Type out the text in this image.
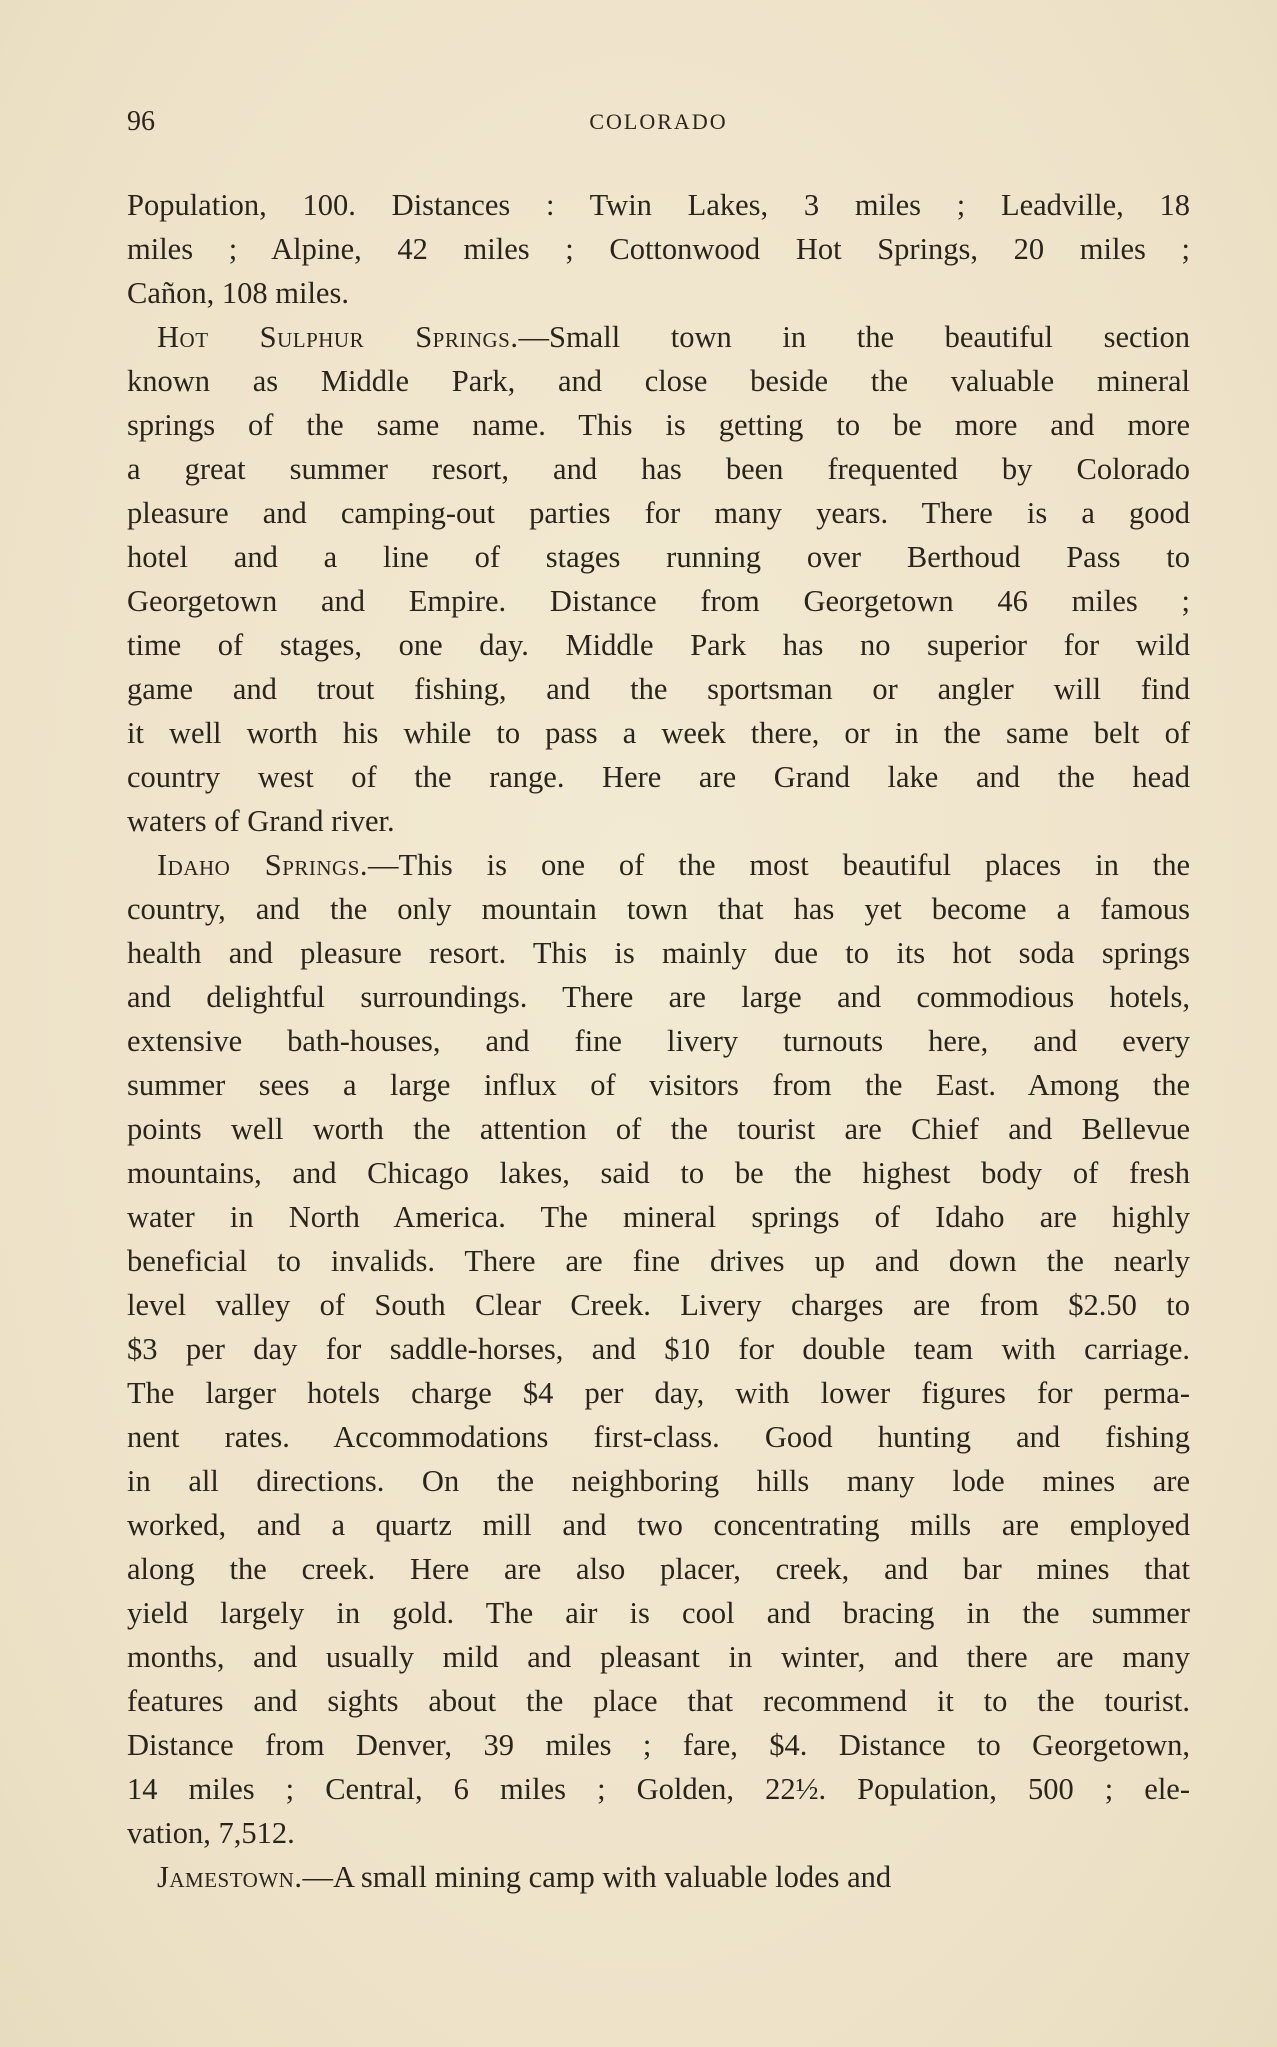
96	COLORADO
Population, 100. Distances : Twin Lakes, 3 miles ; Leadville, 18
miles ; Alpine, 42 miles ; Cottonwood Hot Springs, 20 miles ;
Cañon, 108 miles.
Hot Sulphur Springs.—Small town in the beautiful section
known as Middle Park, and close beside the valuable mineral
springs of the same name. This is getting to be more and more
a great summer resort, and has been frequented by Colorado
pleasure and camping-out parties for many years. There is a good
hotel and a line of stages running over Berthoud Pass to
Georgetown and Empire. Distance from Georgetown 46 miles ;
time of stages, one day. Middle Park has no superior for wild
game and trout fishing, and the sportsman or angler will find
it well worth his while to pass a week there, or in the same belt of
country west of the range. Here are Grand lake and the head
waters of Grand river.
Idaho Springs.—This is one of the most beautiful places in the
country, and the only mountain town that has yet become a famous
health and pleasure resort. This is mainly due to its hot soda springs
and delightful surroundings. There are large and commodious hotels,
extensive bath-houses, and fine livery turnouts here, and every
summer sees a large influx of visitors from the East. Among the
points well worth the attention of the tourist are Chief and Bellevue
mountains, and Chicago lakes, said to be the highest body of fresh
water in North America. The mineral springs of Idaho are highly
beneficial to invalids. There are fine drives up and down the nearly
level valley of South Clear Creek. Livery charges are from $2.50 to
$3 per day for saddle-horses, and $10 for double team with carriage.
The larger hotels charge $4 per day, with lower figures for perma-
nent rates. Accommodations first-class. Good hunting and fishing
in all directions. On the neighboring hills many lode mines are
worked, and a quartz mill and two concentrating mills are employed
along the creek. Here are also placer, creek, and bar mines that
yield largely in gold. The air is cool and bracing in the summer
months, and usually mild and pleasant in winter, and there are many
features and sights about the place that recommend it to the tourist.
Distance from Denver, 39 miles ; fare, $4. Distance to Georgetown,
14 miles ; Central, 6 miles ; Golden, 22½. Population, 500 ; ele-
vation, 7,512.
Jamestown.—A small mining camp with valuable lodes and
